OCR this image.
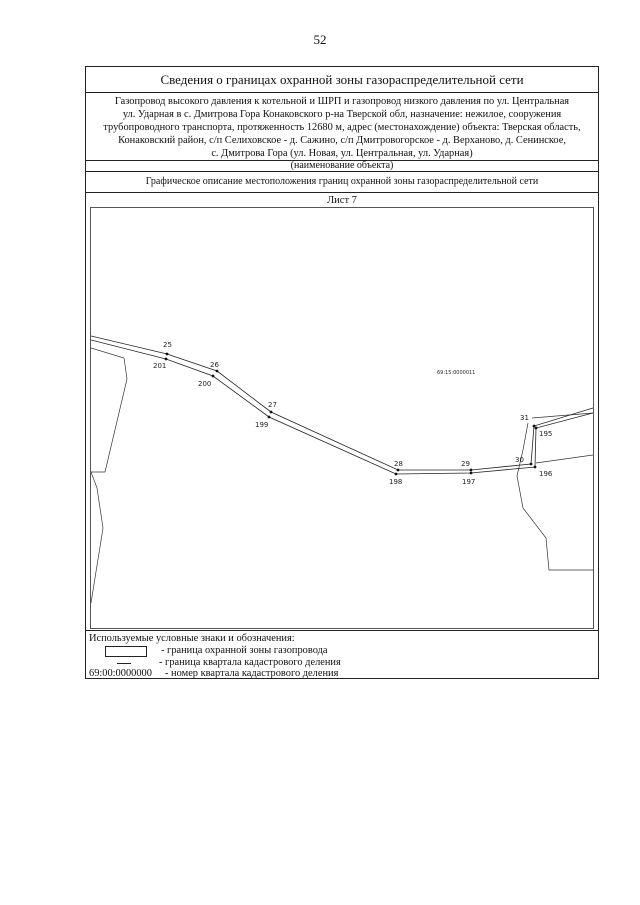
52
Сведения о границах охранной зоны газораспределительной сети
Газопровод высокого давления к котельной и ШРП и газопровод низкого давления по ул. Центральная
ул. Ударная в с. Дмитрова Гора Конаковского р-на Тверской обл, назначение: нежилое, сооружения
трубопроводного транспорта, протяженность 12680 м, адрес (местонахождение) объекта: Тверская область,
Конаковский район, с/п Селиховское - д. Сажино, с/п Дмитровогорское - д. Верханово, д. Сенинское,
с. Дмитрова Гора (ул. Новая, ул. Центральная, ул. Ударная)
(наименование объекта)
Графическое описание местоположения границ охранной зоны газораспределительной сети
Лист 7
25
26
27
28	29	30
31
195
196
197
198
199
200
201
69:15:0000011
Используемые условные знаки и обозначения:
- граница охранной зоны газопровода
- граница квартала кадастрового деления
69:00:0000000 - номер квартала кадастрового деления
